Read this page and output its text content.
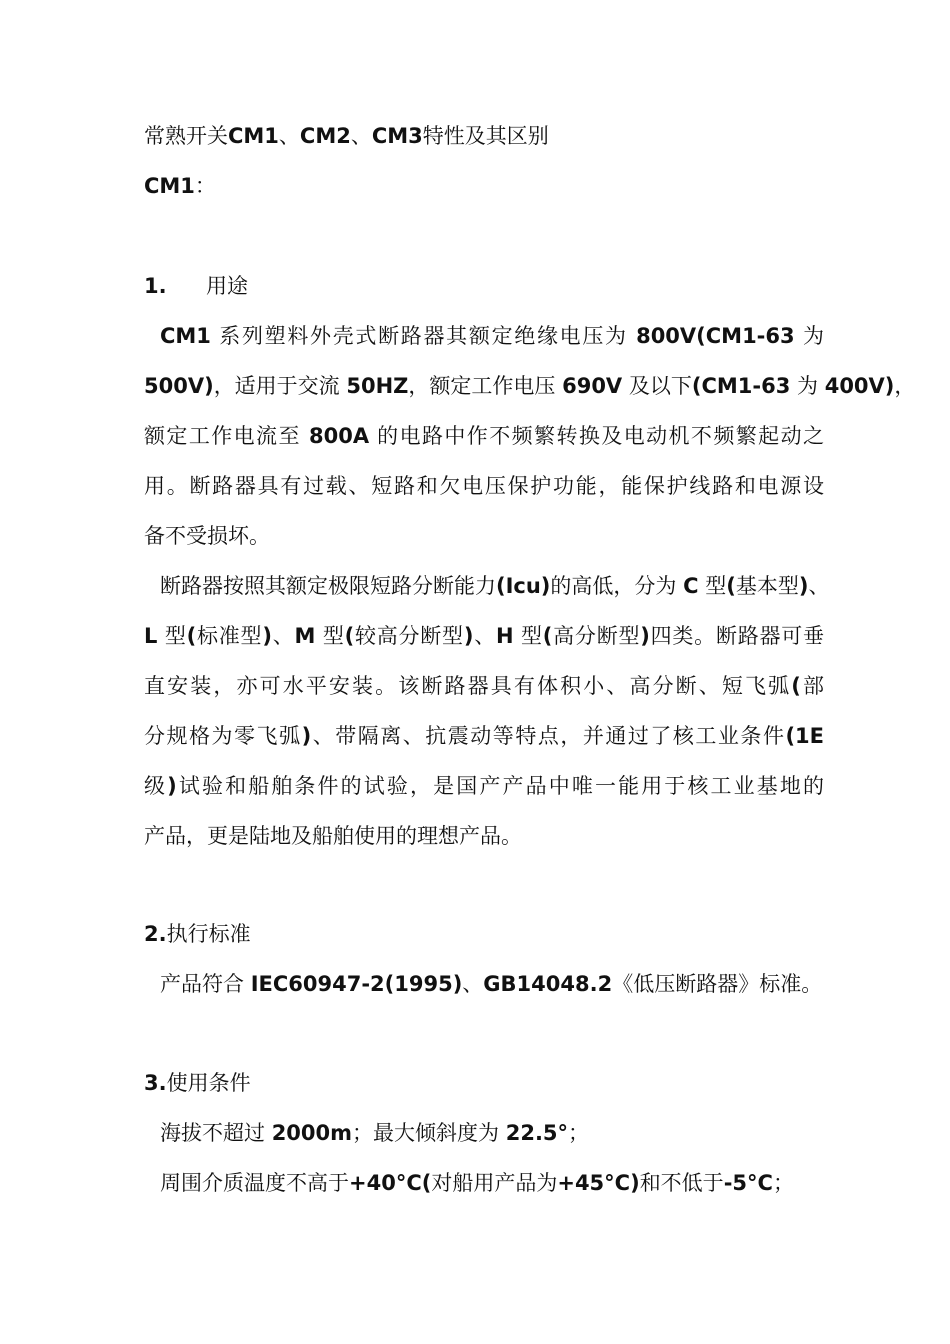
常熟开关CM1、CM2、CM3特性及其区别
CM1：
1. 用途
CM1 系列塑料外壳式断路器其额定绝缘电压为 800V(CM1-63 为
500V)，适用于交流 50HZ，额定工作电压 690V 及以下(CM1-63 为 400V)，
额定工作电流至 800A 的电路中作不频繁转换及电动机不频繁起动之
用。断路器具有过载、短路和欠电压保护功能，能保护线路和电源设
备不受损坏。
断路器按照其额定极限短路分断能力(Icu)的高低，分为 C 型(基本型)、
L 型(标准型)、M 型(较高分断型)、H 型(高分断型)四类。断路器可垂
直安装，亦可水平安装。该断路器具有体积小、高分断、短飞弧(部
分规格为零飞弧)、带隔离、抗震动等特点，并通过了核工业条件(1E
级)试验和船舶条件的试验，是国产产品中唯一能用于核工业基地的
产品，更是陆地及船舶使用的理想产品。
2.执行标准
产品符合 IEC60947-2(1995)、GB14048.2《低压断路器》标准。
3.使用条件
海拔不超过 2000m；最大倾斜度为 22.5°；
周围介质温度不高于+40°C(对船用产品为+45°C)和不低于-5°C；
